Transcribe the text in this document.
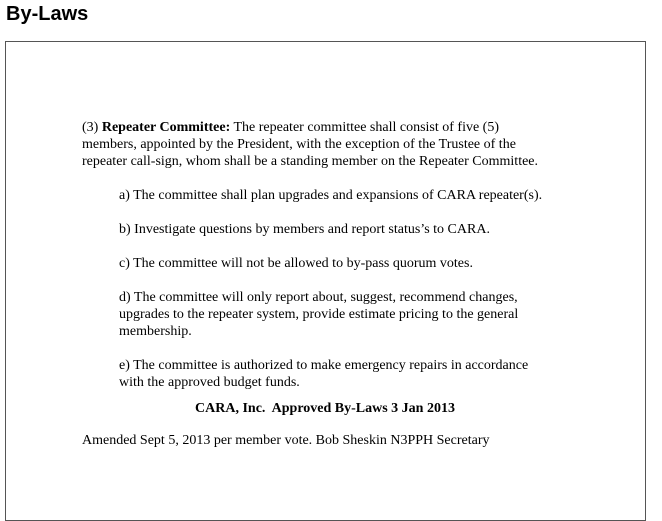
By-Laws

(3) Repeater Committee: The repeater committee shall consist of five (5)
members, appointed by the President, with the exception of the Trustee of the
repeater call-sign, whom shall be a standing member on the Repeater Committee.

a) The committee shall plan upgrades and expansions of CARA repeater(s).

b) Investigate questions by members and report status’s to CARA.

c) The committee will not be allowed to by-pass quorum votes.

d) The committee will only report about, suggest, recommend changes,
upgrades to the repeater system, provide estimate pricing to the general
membership.

e) The committee is authorized to make emergency repairs in accordance
with the approved budget funds.

CARA, Inc.  Approved By-Laws 3 Jan 2013

Amended Sept 5, 2013 per member vote. Bob Sheskin N3PPH Secretary
